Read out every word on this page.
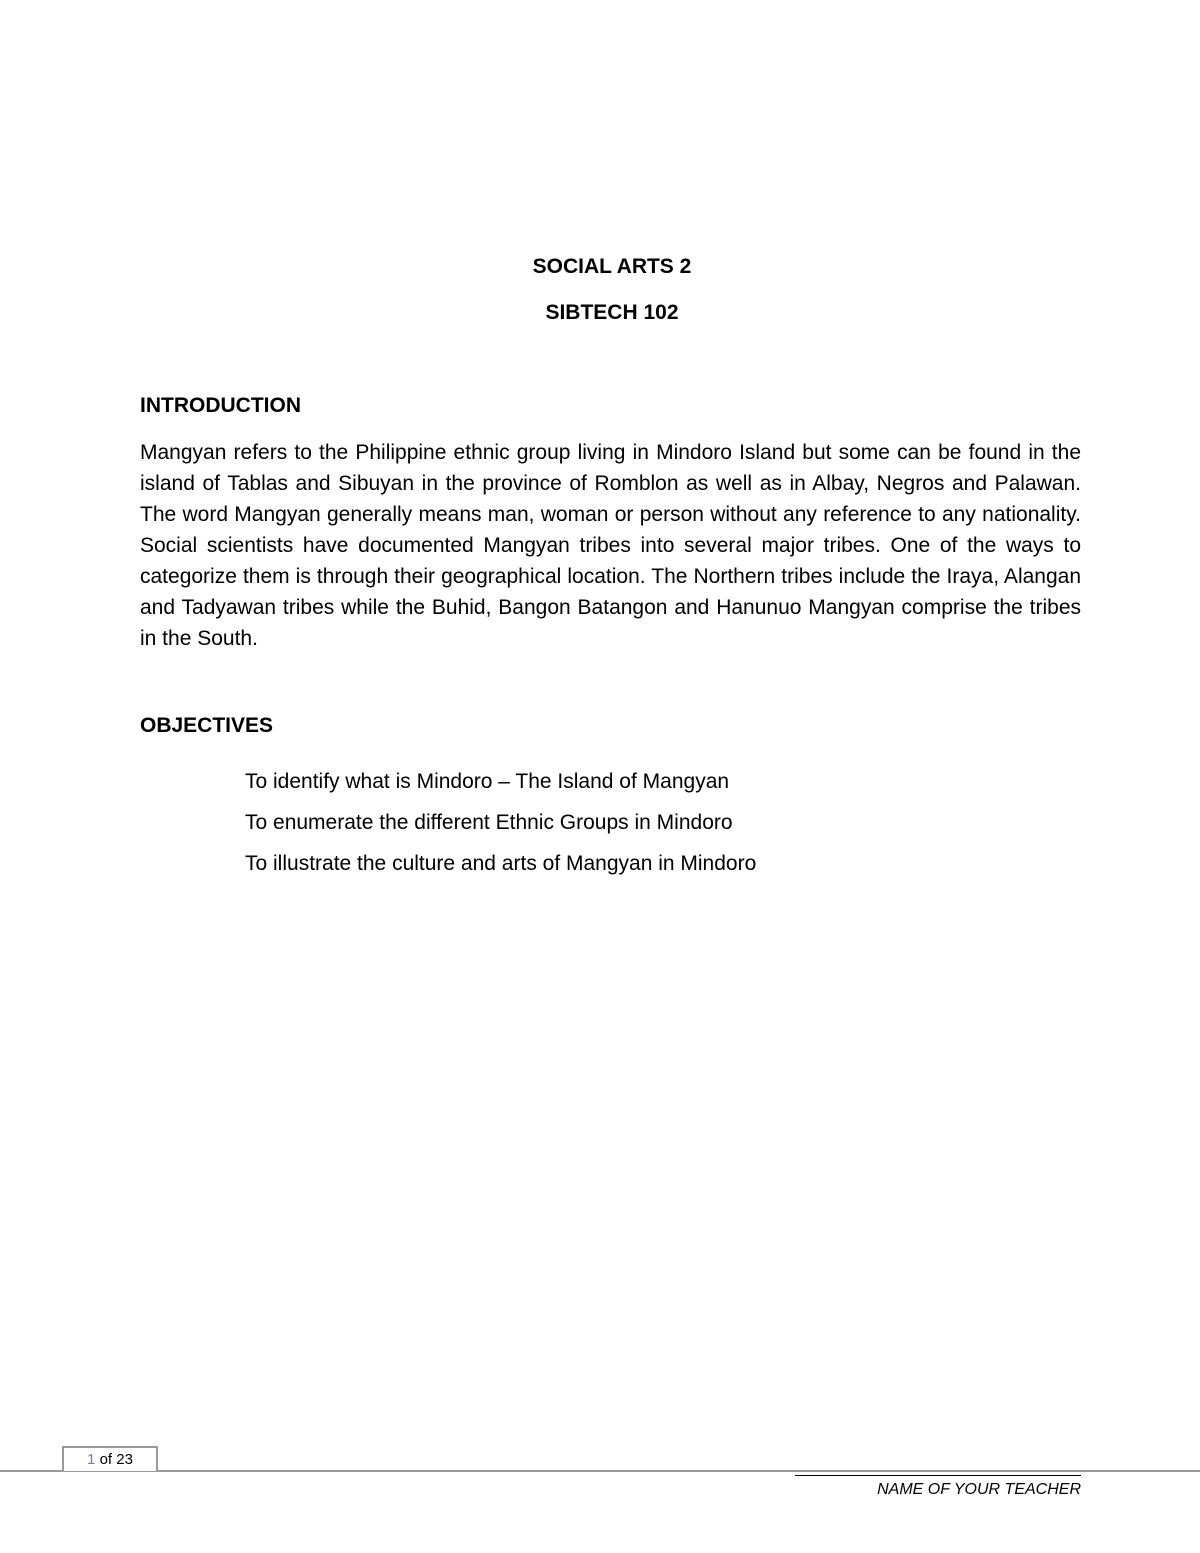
SOCIAL ARTS 2
SIBTECH 102
INTRODUCTION

Mangyan refers to the Philippine ethnic group living in Mindoro Island but some can be found in the island of Tablas and Sibuyan in the province of Romblon as well as in Albay, Negros and Palawan. The word Mangyan generally means man, woman or person without any reference to any nationality. Social scientists have documented Mangyan tribes into several major tribes. One of the ways to categorize them is through their geographical location. The Northern tribes include the Iraya, Alangan and Tadyawan tribes while the Buhid, Bangon Batangon and Hanunuo Mangyan comprise the tribes in the South.

OBJECTIVES
To identify what is Mindoro – The Island of Mangyan
To enumerate the different Ethnic Groups in Mindoro
To illustrate the culture and arts of Mangyan in Mindoro
1 of 23
NAME OF YOUR TEACHER
